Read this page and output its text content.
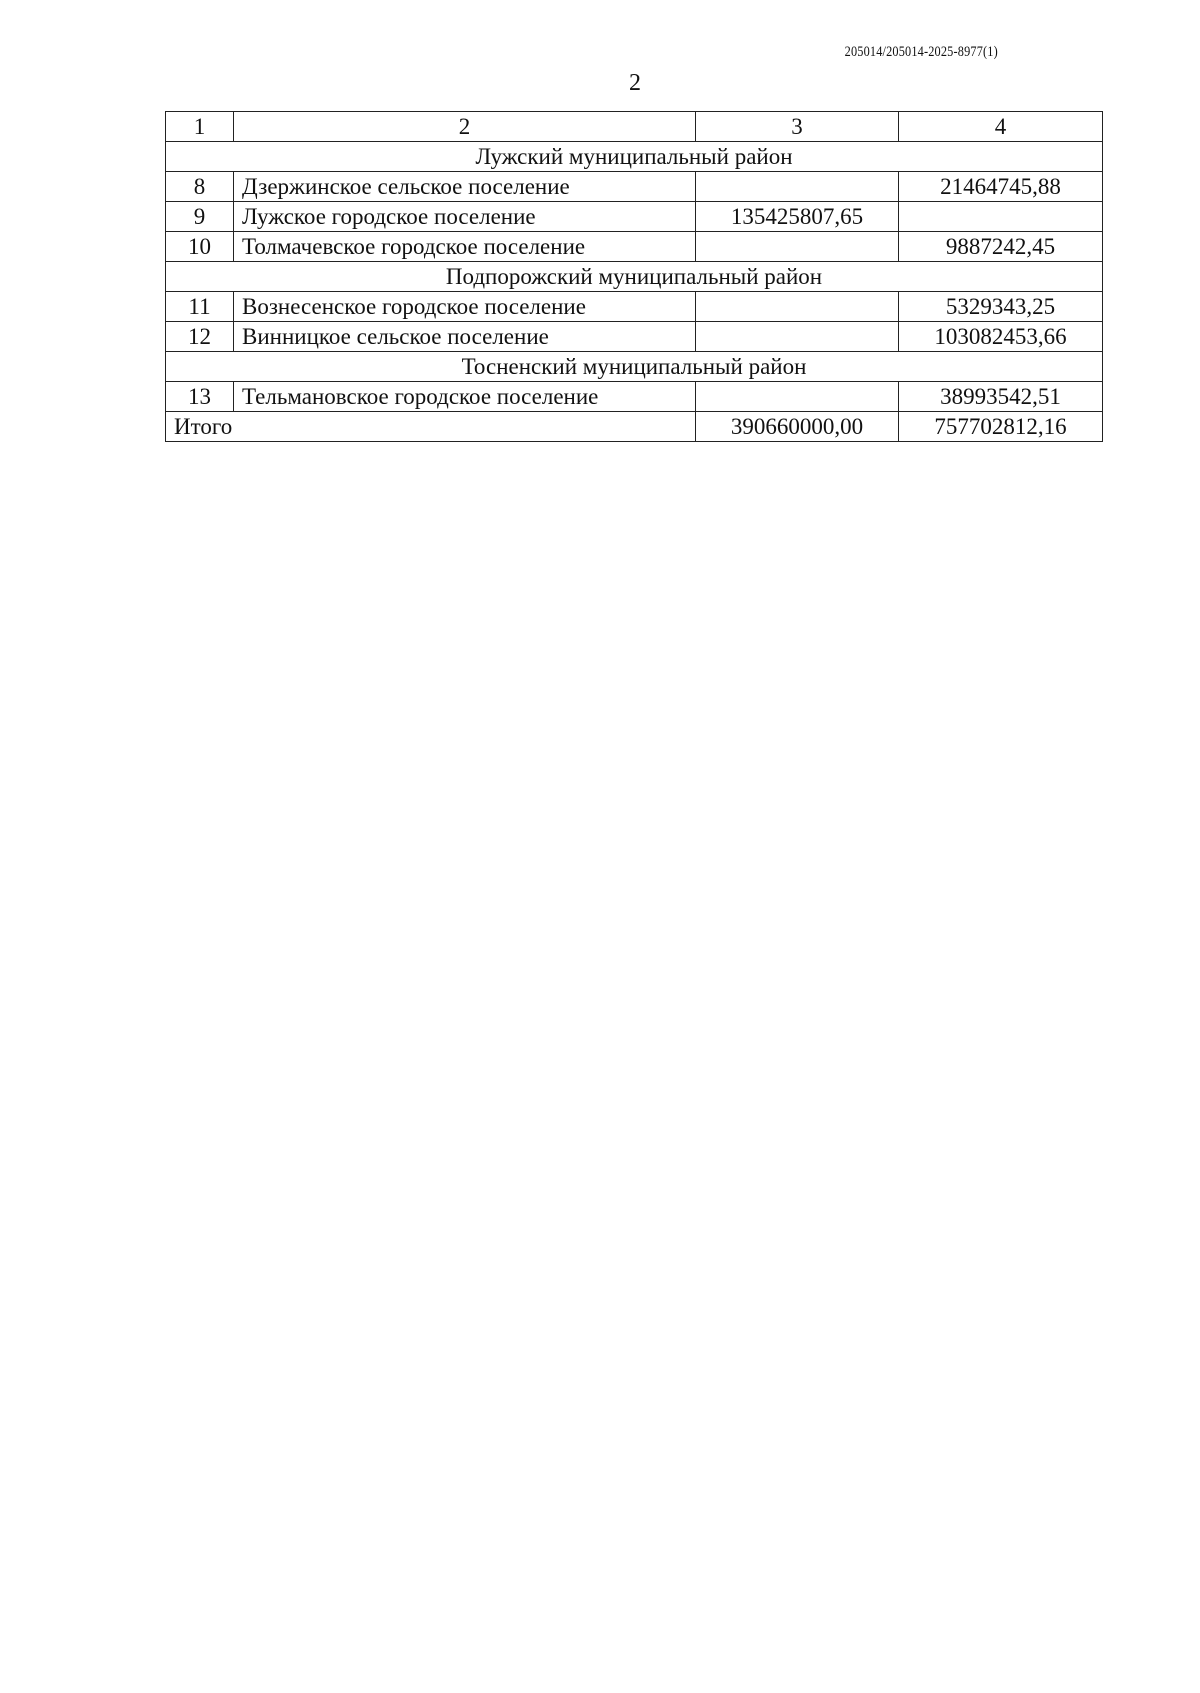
205014/205014-2025-8977(1)
2
1	2	3	4
Лужский муниципальный район			
8	Дзержинское сельское поселение		21464745,88
9	Лужское городское поселение	135425807,65	
10	Толмачевское городское поселение		9887242,45
Подпорожский муниципальный район			
11	Вознесенское городское поселение		5329343,25
12	Винницкое сельское поселение		103082453,66
Тосненский муниципальный район			
13	Тельмановское городское поселение		38993542,51
Итого		390660000,00	757702812,16
